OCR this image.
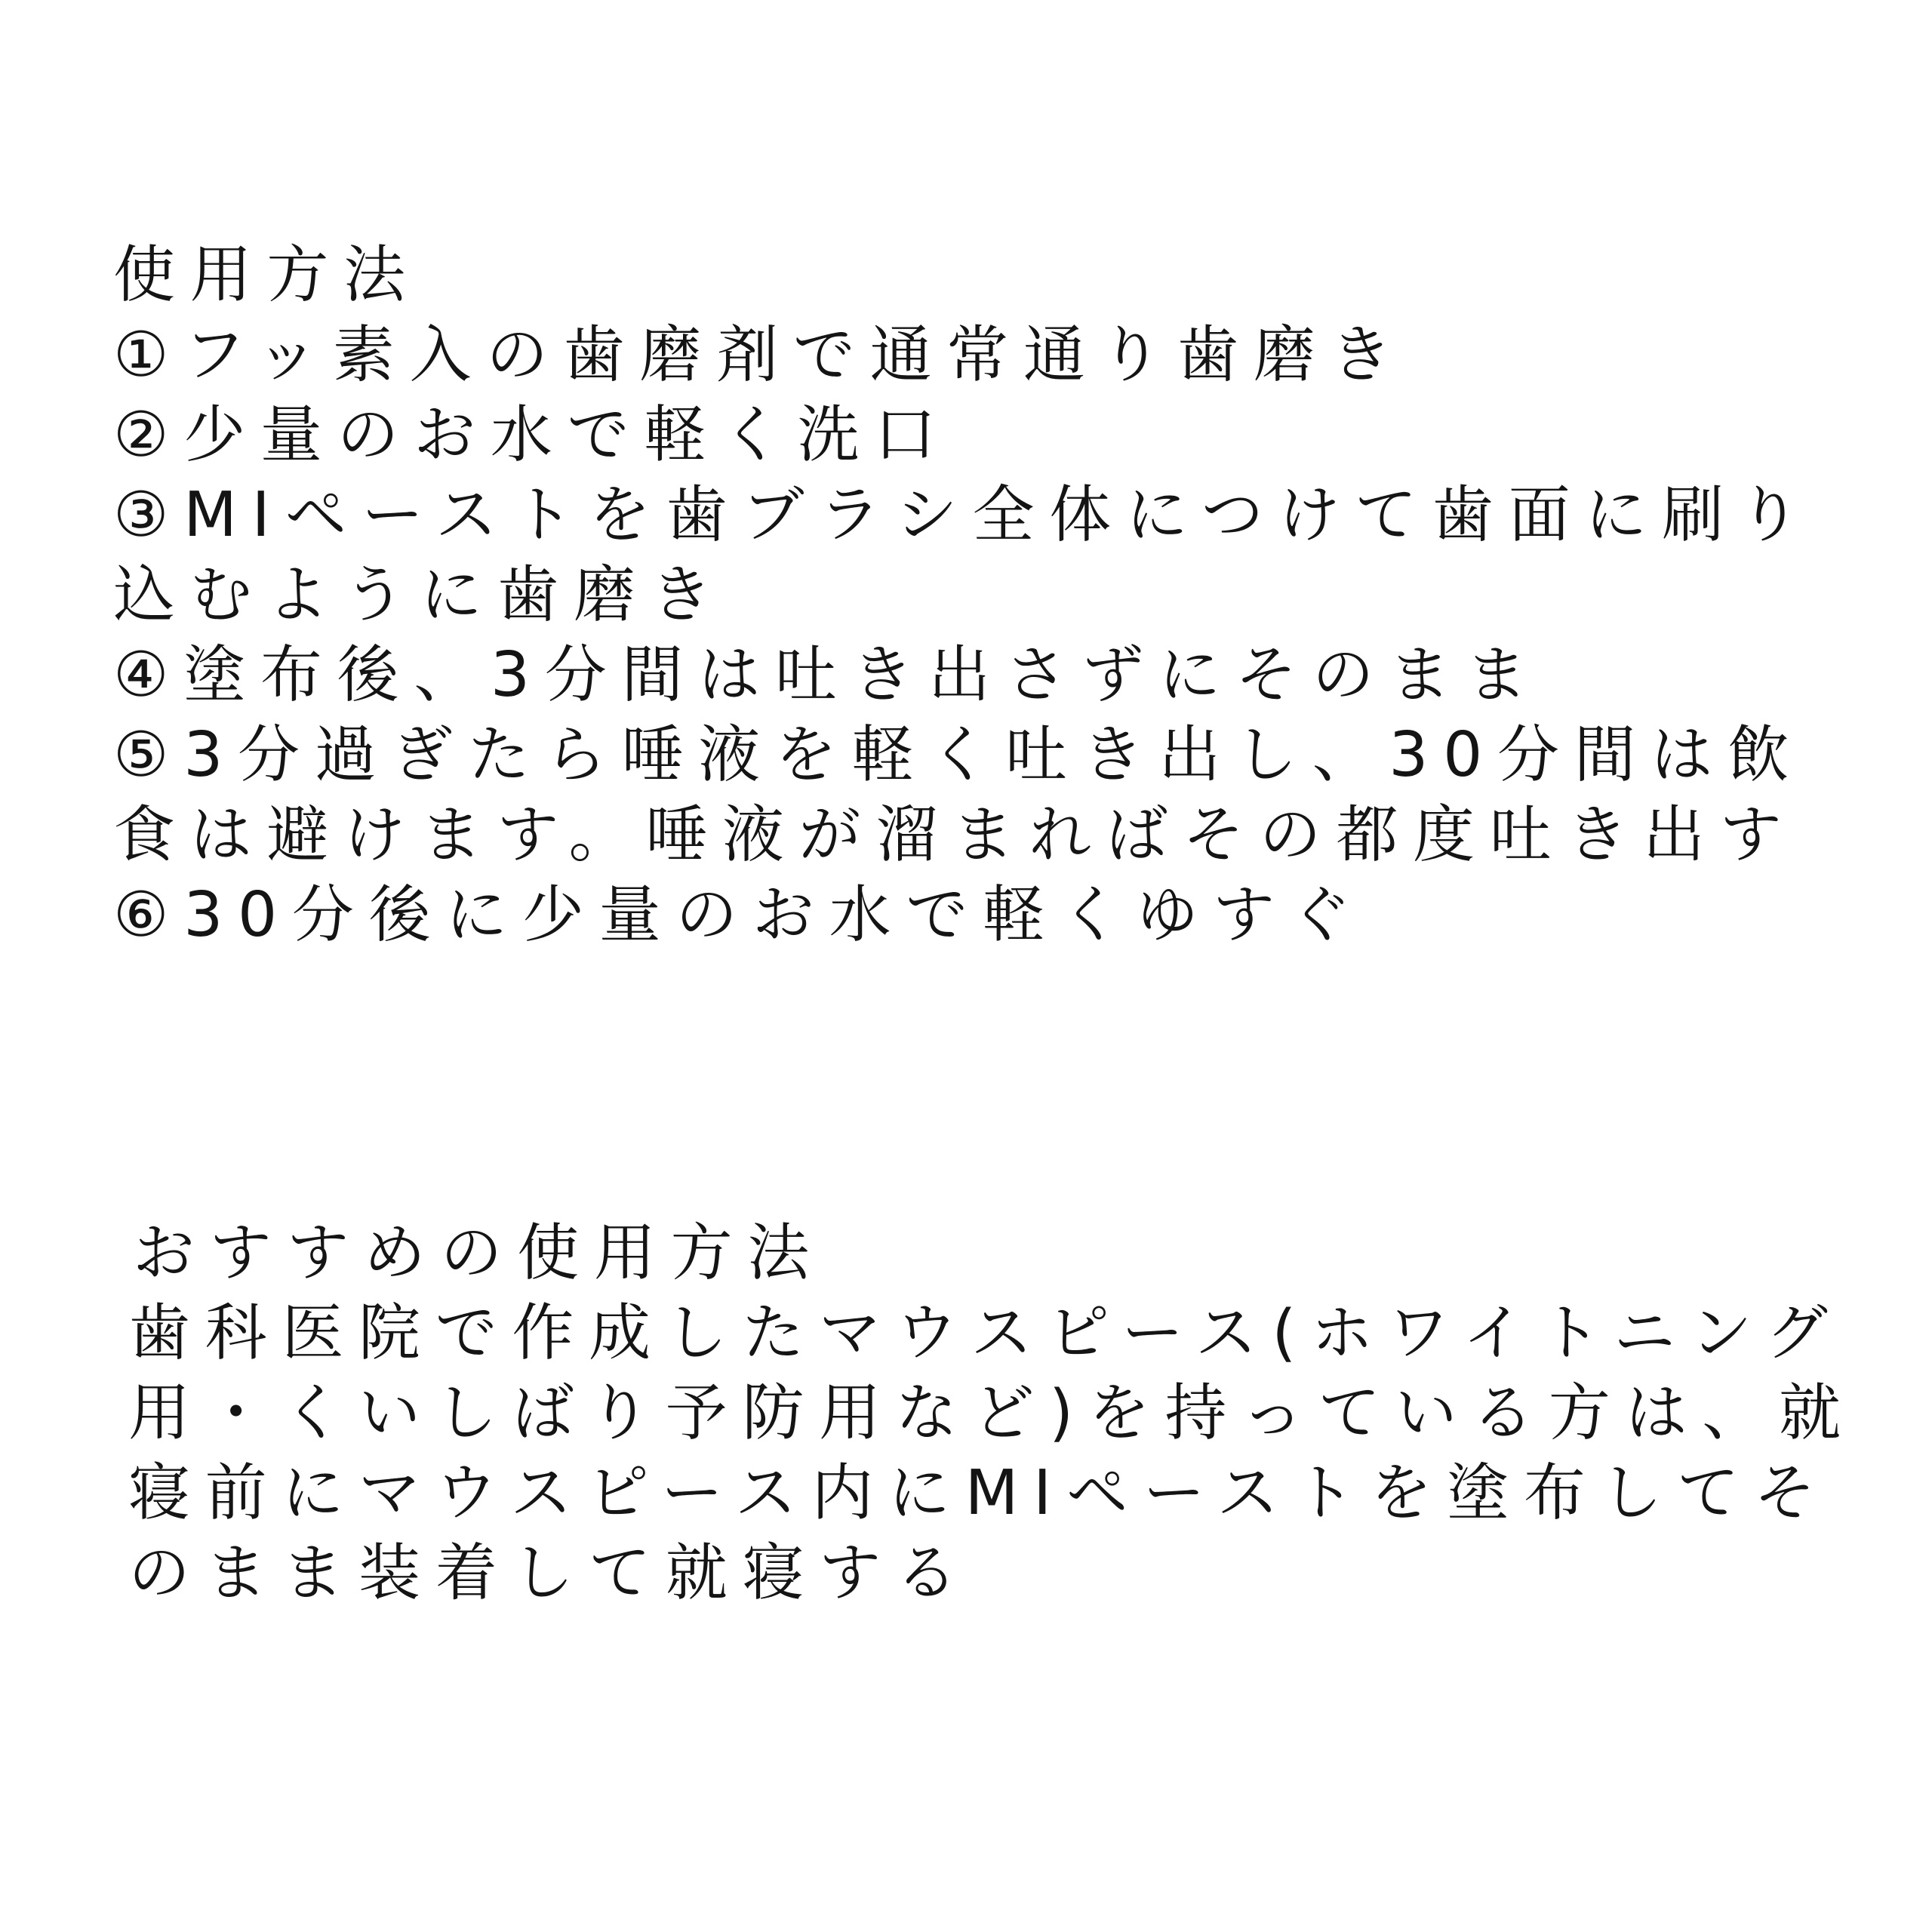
使用方法
①フッ素入の歯磨剤で通常通り歯磨き
②少量のお水で軽く洗口
③MIペーストを歯ブラシ全体につけて歯面に刷り
込むように歯磨き
④塗布後、3分間は吐き出さずにそのまま
⑤3分過ぎたら唾液を軽く吐き出し、30分間は飲
食は避けます。唾液が溜まればその都度吐き出す
⑥30分後に少量のお水で軽くゆすぐ
おすすめの使用方法
歯科医院で作成したマウスピース(ホワイトニング
用・くいしばり予防用など)を持っている方は、就
寝前にマウスピース内にMIペーストを塗布してそ
のまま装着して就寝する
